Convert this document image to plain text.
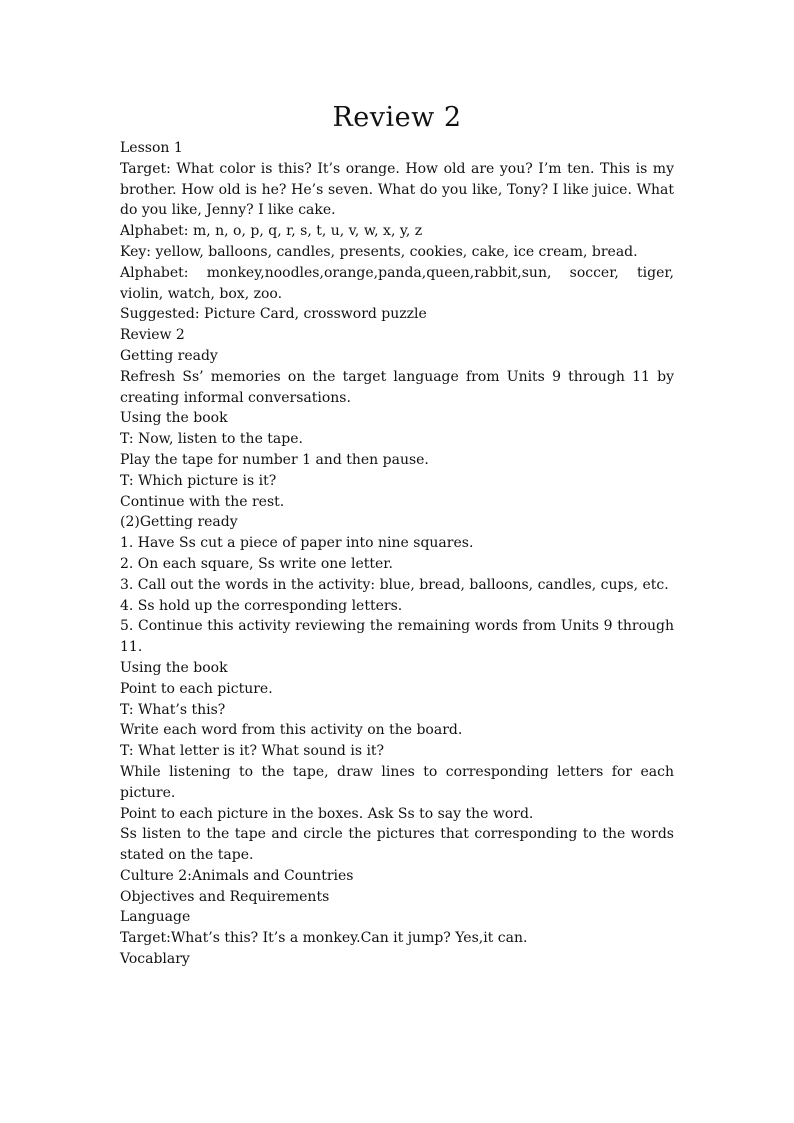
Review 2

Lesson 1

Target: What color is this? It’s orange. How old are you? I’m ten. This is my brother. How old is he? He’s seven. What do you like, Tony? I like juice. What do you like, Jenny? I like cake.

Alphabet: m, n, o, p, q, r, s, t, u, v, w, x, y, z

Key: yellow, balloons, candles, presents, cookies, cake, ice cream, bread.

Alphabet: monkey,noodles,orange,panda,queen,rabbit,sun, soccer, tiger, violin, watch, box, zoo.

Suggested: Picture Card, crossword puzzle

Review 2

Getting ready

Refresh Ss’ memories on the target language from Units 9 through 11 by creating informal conversations.

Using the book

T: Now, listen to the tape.

Play the tape for number 1 and then pause.

T: Which picture is it?

Continue with the rest.

(2)Getting ready

1. Have Ss cut a piece of paper into nine squares.

2. On each square, Ss write one letter.

3. Call out the words in the activity: blue, bread, balloons, candles, cups, etc.

4. Ss hold up the corresponding letters.

5. Continue this activity reviewing the remaining words from Units 9 through 11.

Using the book

Point to each picture.

T: What’s this?

Write each word from this activity on the board.

T: What letter is it? What sound is it?

While listening to the tape, draw lines to corresponding letters for each picture.

Point to each picture in the boxes. Ask Ss to say the word.

Ss listen to the tape and circle the pictures that corresponding to the words stated on the tape.

Culture 2:Animals and Countries

Objectives and Requirements

Language

Target:What’s this? It’s a monkey.Can it jump? Yes,it can.

Vocablary
